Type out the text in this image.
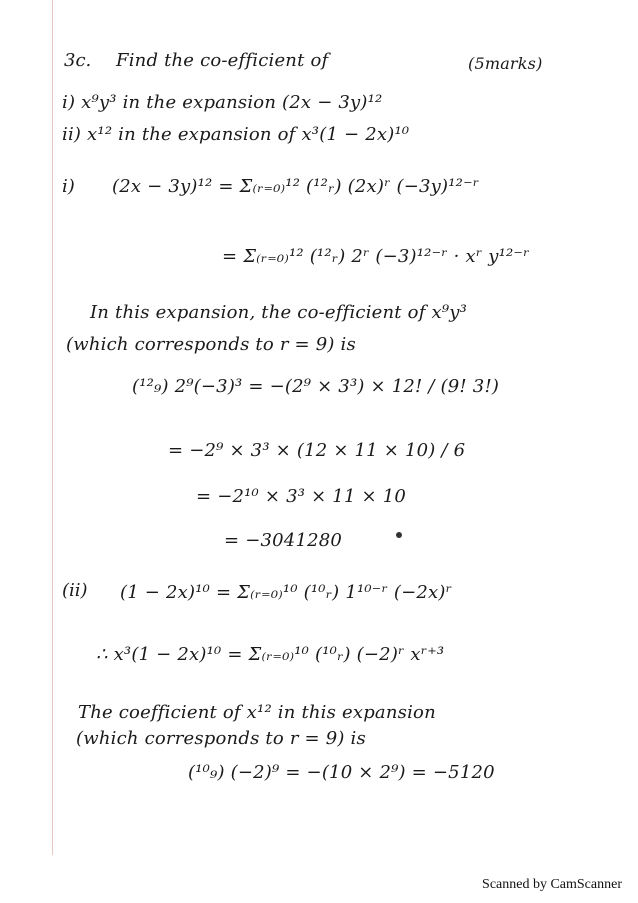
3c. Find the co-efficient of	(5marks)
i) x⁹y³ in the expansion (2x − 3y)¹²
ii) x¹² in the expansion of x³(1 − 2x)¹⁰
i) (2x − 3y)¹² = Σ₍ᵣ₌₀₎¹² (¹²ᵣ) (2x)ʳ (−3y)¹²⁻ʳ
= Σ₍ᵣ₌₀₎¹² (¹²ᵣ) 2ʳ (−3)¹²⁻ʳ · xʳ y¹²⁻ʳ
In this expansion, the co-efficient of x⁹y³
(which corresponds to r = 9) is
(¹²₉) 2⁹(−3)³ = −(2⁹ × 3³) × 12! / (9! 3!)
= −2⁹ × 3³ × (12 × 11 × 10) / 6
= −2¹⁰ × 3³ × 11 × 10
= −3041280
(ii) (1 − 2x)¹⁰ = Σ₍ᵣ₌₀₎¹⁰ (¹⁰ᵣ) 1¹⁰⁻ʳ (−2x)ʳ
∴ x³(1 − 2x)¹⁰ = Σ₍ᵣ₌₀₎¹⁰ (¹⁰ᵣ) (−2)ʳ xʳ⁺³
The coefficient of x¹² in this expansion
(which corresponds to r = 9) is
(¹⁰₉) (−2)⁹ = −(10 × 2⁹) = −5120
Scanned by CamScanner
